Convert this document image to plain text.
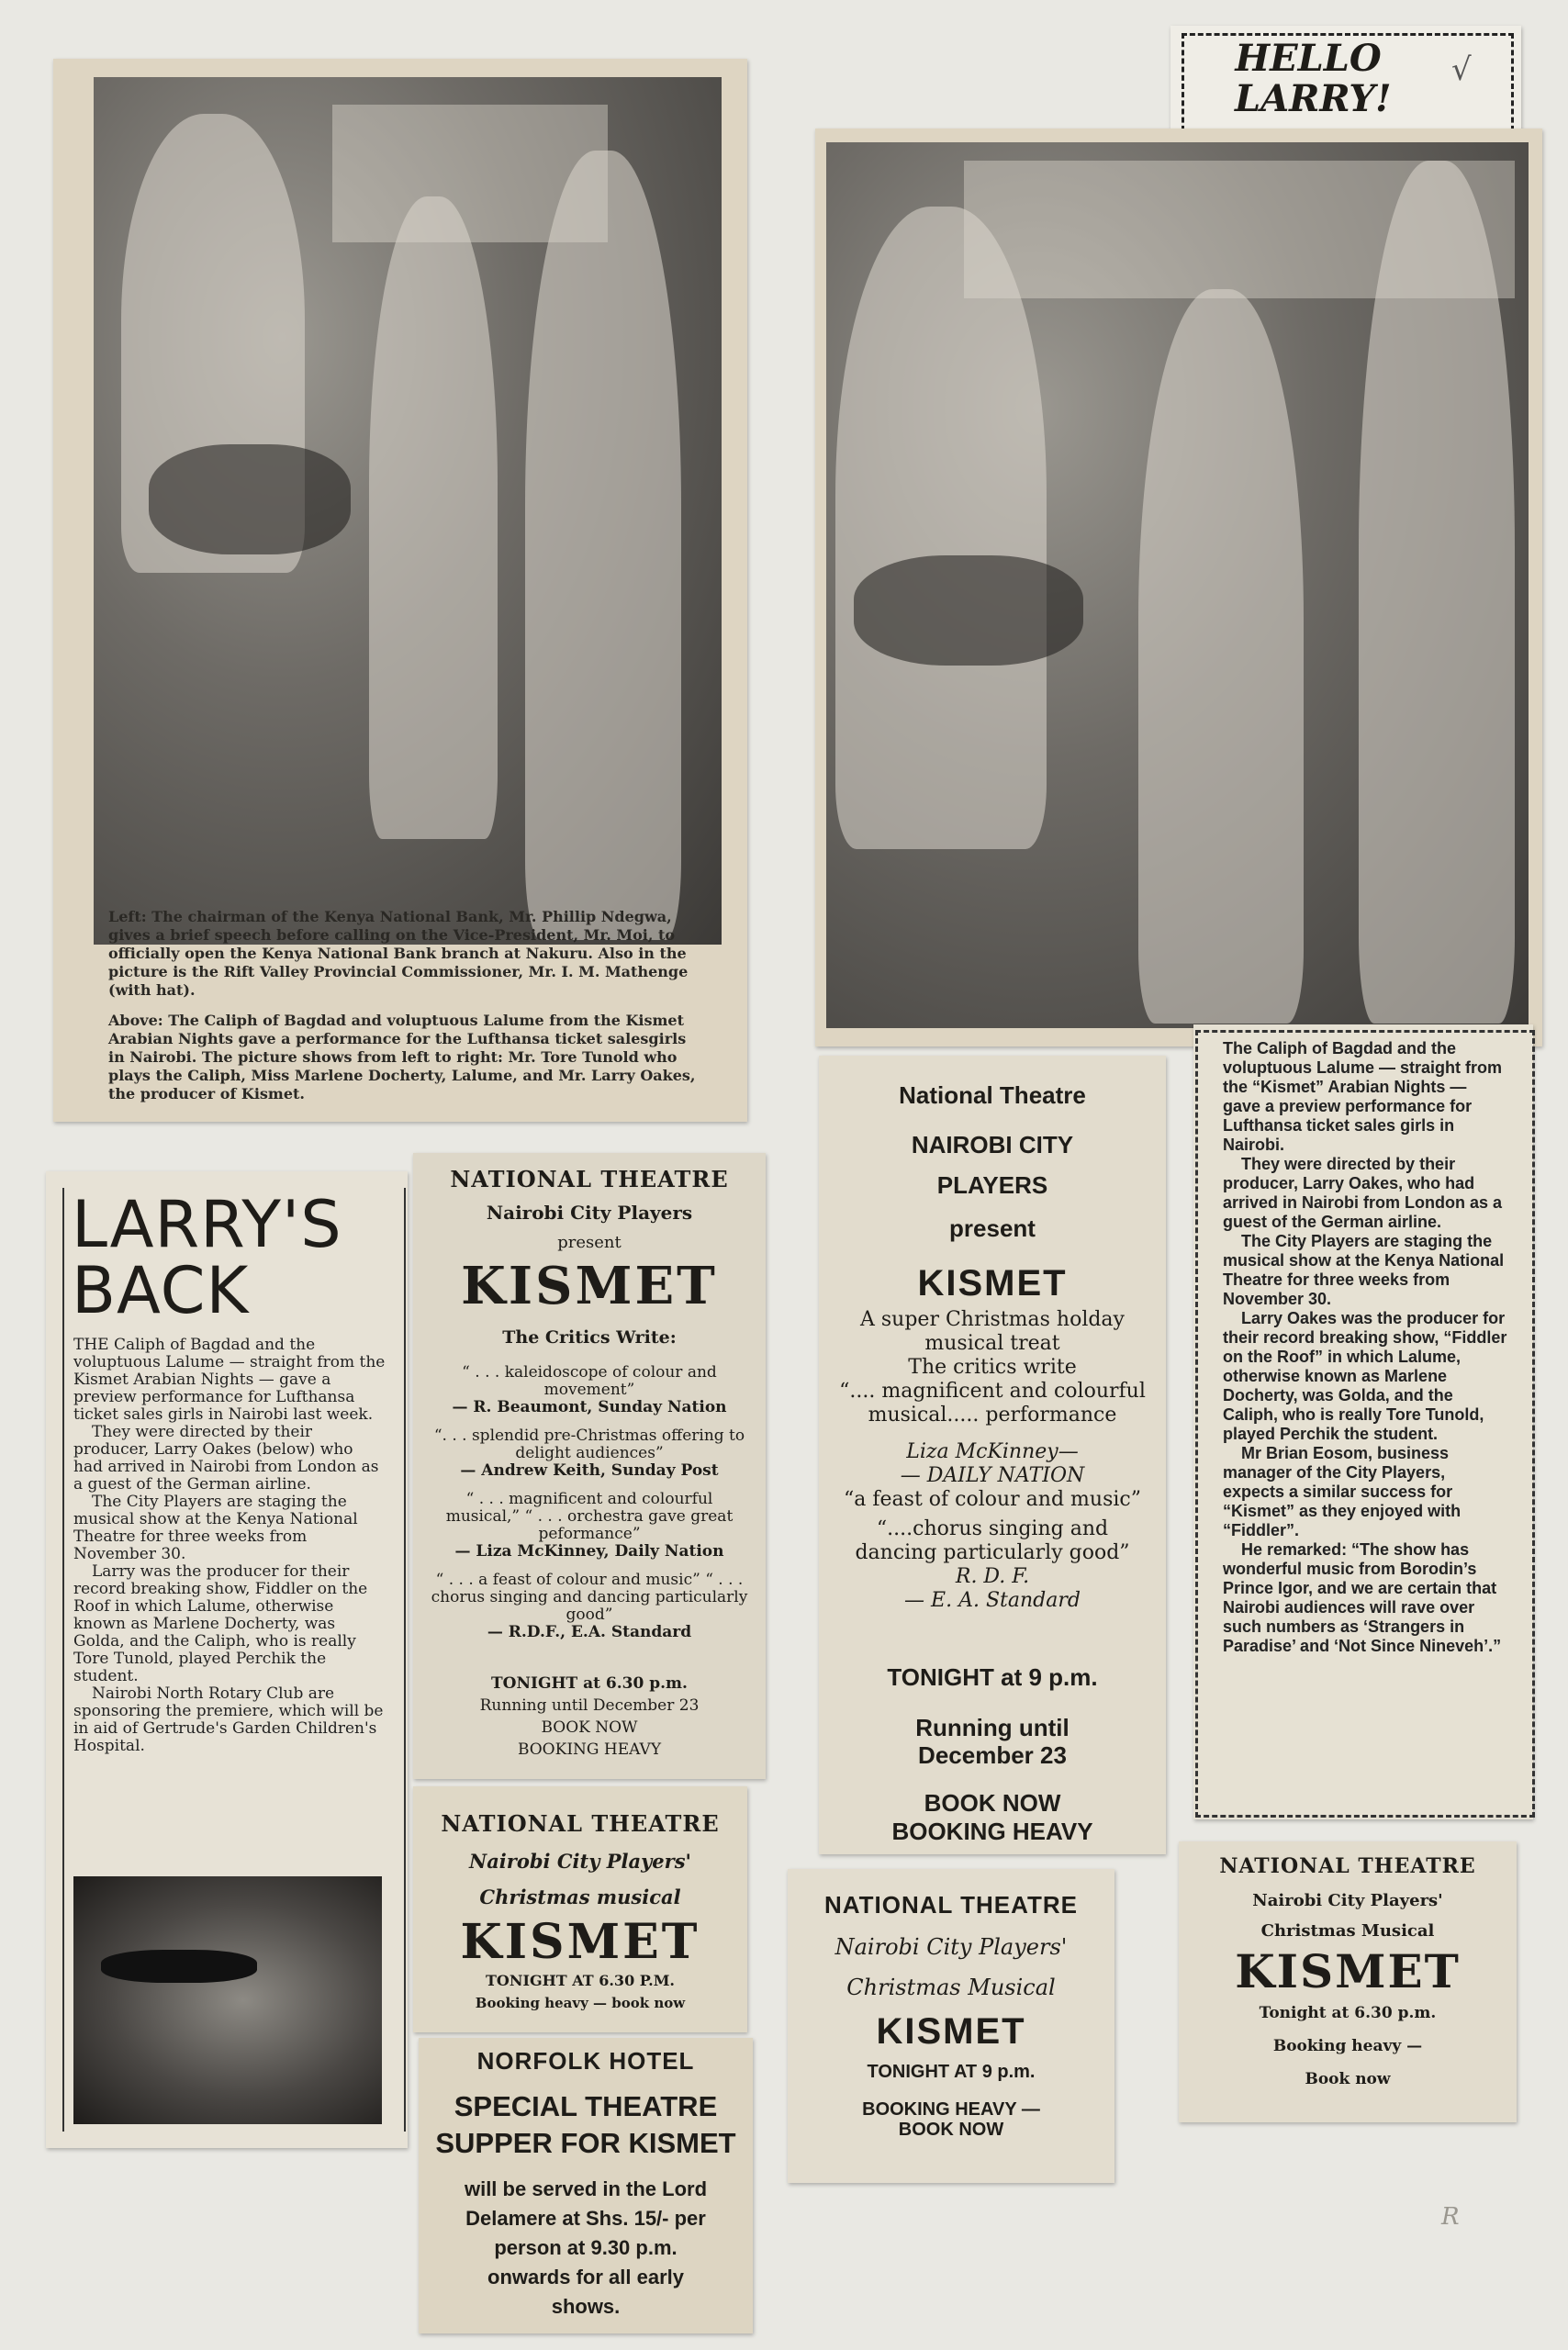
Left: The chairman of the Kenya National Bank, Mr. Phillip Ndegwa, gives a brief speech before calling on the Vice-President, Mr. Moi, to officially open the Kenya National Bank branch at Nakuru. Also in the picture is the Rift Valley Provincial Commissioner, Mr. I. M. Mathenge (with hat).
Above: The Caliph of Bagdad and voluptuous Lalume from the Kismet Arabian Nights gave a performance for the Lufthansa ticket salesgirls in Nairobi. The picture shows from left to right: Mr. Tore Tunold who plays the Caliph, Miss Marlene Docherty, Lalume, and Mr. Larry Oakes, the producer of Kismet.
HELLO LARRY!
√

The Caliph of Bagdad and the voluptuous Lalume — straight from the “Kismet” Arabian Nights — gave a preview performance for Lufthansa ticket sales girls in Nairobi.

They were directed by their producer, Larry Oakes, who had arrived in Nairobi from London as a guest of the German airline.

The City Players are staging the musical show at the Kenya National Theatre for three weeks from November 30.

Larry Oakes was the producer for their record breaking show, “Fiddler on the Roof” in which Lalume, otherwise known as Marlene Docherty, was Golda, and the Caliph, who is really Tore Tunold, played Perchik the student.

Mr Brian Eosom, business manager of the City Players, expects a similar success for “Kismet” as they enjoyed with “Fiddler”.

He remarked: “The show has wonderful music from Borodin’s Prince Igor, and we are certain that Nairobi audiences will rave over such numbers as ‘Strangers in Paradise’ and ‘Not Since Nineveh’.”

LARRY'S
BACK

THE Caliph of Bagdad and the voluptuous Lalume — straight from the Kismet Arabian Nights — gave a preview performance for Lufthansa ticket sales girls in Nairobi last week.

They were directed by their producer, Larry Oakes (below) who had arrived in Nairobi from London as a guest of the German airline.

The City Players are staging the musical show at the Kenya National Theatre for three weeks from November 30.

Larry was the producer for their record breaking show, Fiddler on the Roof in which Lalume, otherwise known as Marlene Docherty, was Golda, and the Caliph, who is really Tore Tunold, played Perchik the student.

Nairobi North Rotary Club are sponsoring the premiere, which will be in aid of Gertrude's Garden Children's Hospital.

NATIONAL THEATRE
Nairobi City Players
present
KISMET
The Critics Write:

“ . . . kaleidoscope of colour and movement”

— R. Beaumont, Sunday Nation

“. . . splendid pre-Christmas offering to delight audiences”

— Andrew Keith, Sunday Post

“ . . . magnificent and colourful musical,” “ . . . orchestra gave great peformance”

— Liza McKinney, Daily Nation

“ . . . a feast of colour and music” “ . . . chorus singing and dancing particularly good”

— R.D.F., E.A. Standard

TONIGHT at 6.30 p.m.
Running until December 23
BOOK NOW
BOOKING HEAVY
National Theatre
NAIROBI CITY PLAYERS
present
KISMET

A super Christmas holday musical treat

The critics write

“.... magnificent and colourful musical..... performance

Liza McKinney—

— DAILY NATION

“a feast of colour and music”

“....chorus singing and dancing particularly good”

R. D. F.

— E. A. Standard

TONIGHT at 9 p.m.
Running until December 23
BOOK NOW
BOOKING HEAVY
NATIONAL THEATRE
Nairobi City Players'
Christmas musical
KISMET
TONIGHT AT 6.30 P.M.
Booking heavy — book now
NORFOLK HOTEL
SPECIAL THEATRE
SUPPER FOR KISMET
will be served in the Lord Delamere at Shs. 15/- per person at 9.30 p.m. onwards for all early shows.
NATIONAL THEATRE
Nairobi City Players'
Christmas Musical
KISMET
TONIGHT AT 9 p.m.
BOOKING HEAVY — BOOK NOW
NATIONAL THEATRE
Nairobi City Players'
Christmas Musical
KISMET
Tonight at 6.30 p.m.
Booking heavy —
Book now
R
